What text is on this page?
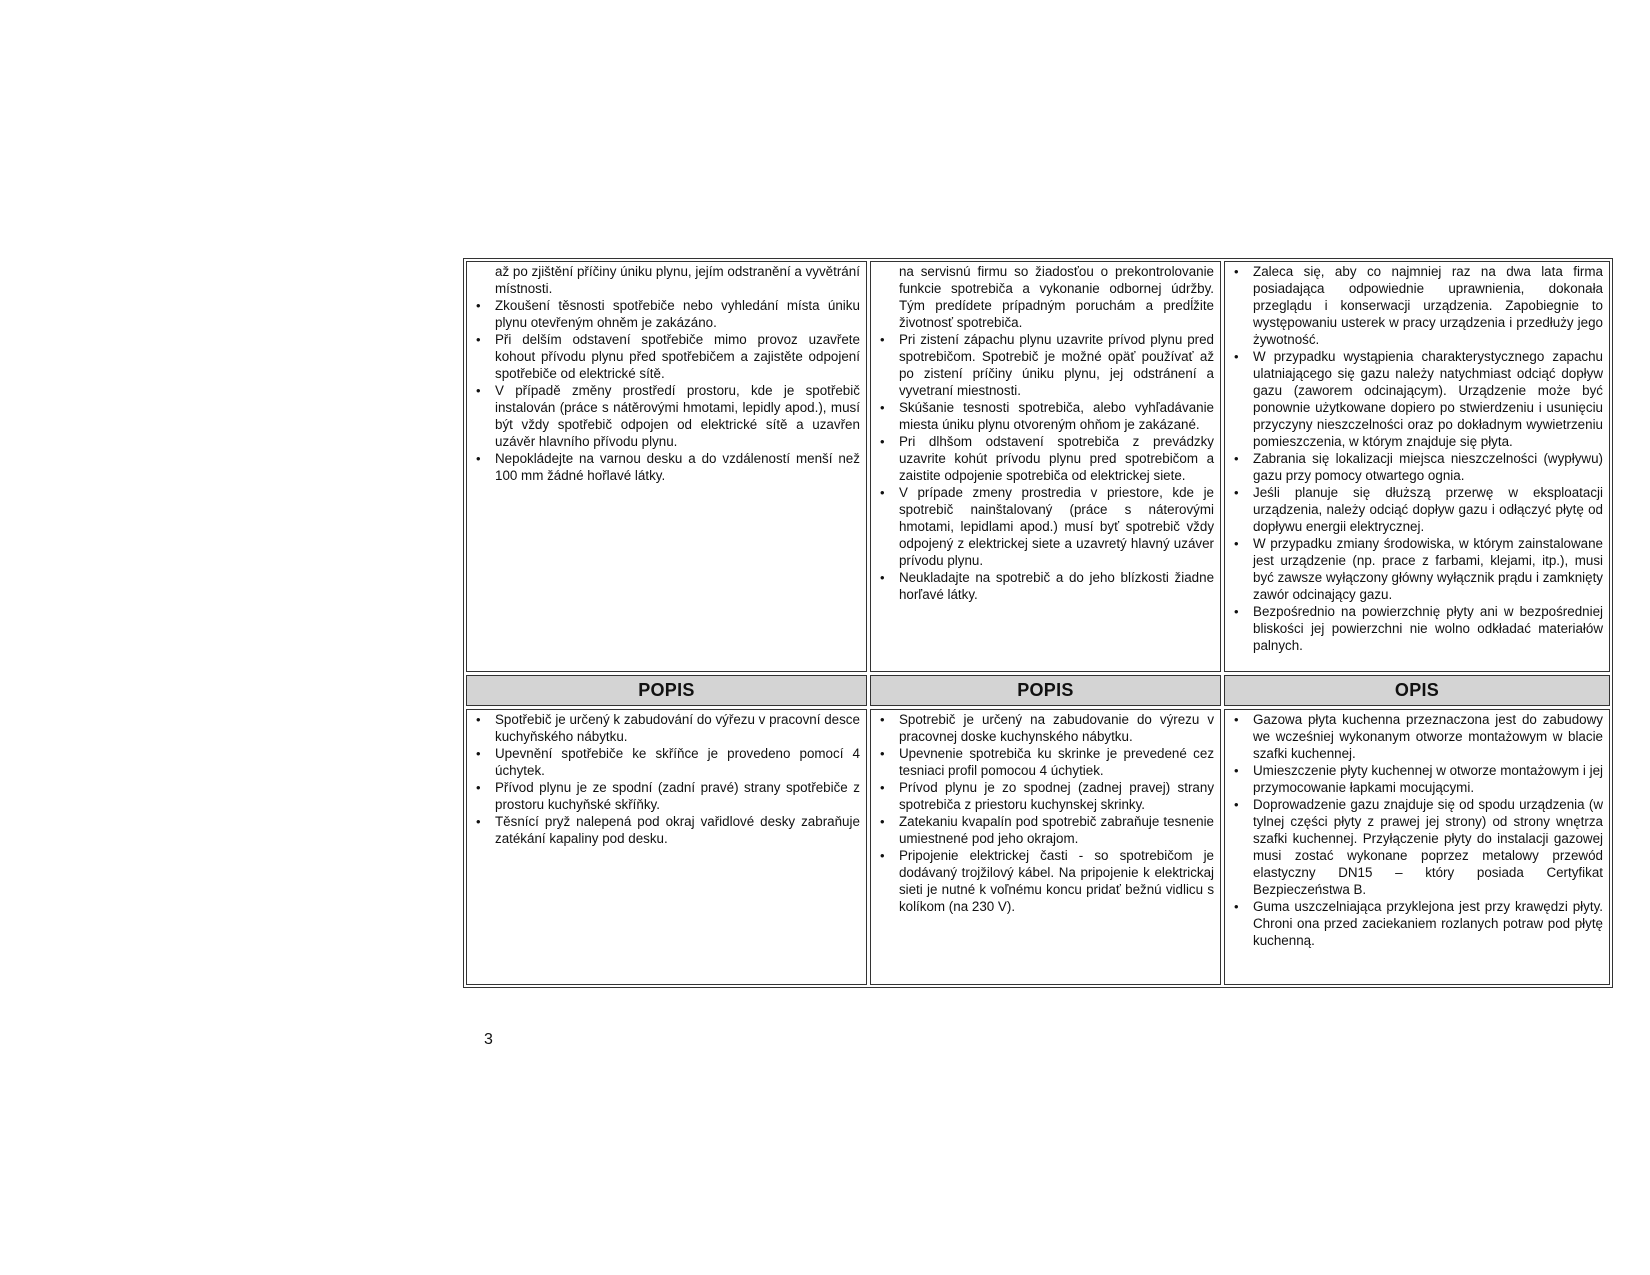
až po zjištění příčiny úniku plynu, jejím odstranění a vyvětrání místnosti.
• Zkoušení těsnosti spotřebiče nebo vyhledání místa úniku plynu otevřeným ohněm je zakázáno.
• Při delším odstavení spotřebiče mimo provoz uzavřete kohout přívodu plynu před spotřebičem a zajistěte odpojení spotřebiče od elektrické sítě.
• V případě změny prostředí prostoru, kde je spotřebič instalován (práce s nátěrovými hmotami, lepidly apod.), musí být vždy spotřebič odpojen od elektrické sítě a uzavřen uzávěr hlavního přívodu plynu.
• Nepokládejte na varnou desku a do vzdáleností menší než 100 mm žádné hořlavé látky.
na servisnú firmu so žiadosťou o prekontrolovanie funkcie spotrebiča a vykonanie odbornej údržby. Tým predídete prípadným poruchám a predĺžite životnosť spotrebiča.
• Pri zistení zápachu plynu uzavrite prívod plynu pred spotrebičom. Spotrebič je možné opäť používať až po zistení príčiny úniku plynu, jej odstránení a vyvetraní miestnosti.
• Skúšanie tesnosti spotrebiča, alebo vyhľadávanie miesta úniku plynu otvoreným ohňom je zakázané.
• Pri dlhšom odstavení spotrebiča z prevádzky uzavrite kohút prívodu plynu pred spotrebičom a zaistite odpojenie spotrebiča od elektrickej siete.
• V prípade zmeny prostredia v priestore, kde je spotrebič nainštalovaný (práce s náterovými hmotami, lepidlami apod.) musí byť spotrebič vždy odpojený z elektrickej siete a uzavretý hlavný uzáver prívodu plynu.
• Neukladajte na spotrebič a do jeho blízkosti žiadne horľavé látky.
• Zaleca się, aby co najmniej raz na dwa lata firma posiadająca odpowiednie uprawnienia, dokonała przeglądu i konserwacji urządzenia. Zapobiegnie to występowaniu usterek w pracy urządzenia i przedłuży jego żywotność.
• W przypadku wystąpienia charakterystycznego zapachu ulatniającego się gazu należy natychmiast odciąć dopływ gazu (zaworem odcinającym). Urządzenie może być ponownie użytkowane dopiero po stwierdzeniu i usunięciu przyczyny nieszczelności oraz po dokładnym wywietrzeniu pomieszczenia, w którym znajduje się płyta.
• Zabrania się lokalizacji miejsca nieszczelności (wypływu) gazu przy pomocy otwartego ognia.
• Jeśli planuje się dłuższą przerwę w eksploatacji urządzenia, należy odciąć dopływ gazu i odłączyć płytę od dopływu energii elektrycznej.
• W przypadku zmiany środowiska, w którym zainstalowane jest urządzenie (np. prace z farbami, klejami, itp.), musi być zawsze wyłączony główny wyłącznik prądu i zamknięty zawór odcinający gazu.
• Bezpośrednio na powierzchnię płyty ani w bezpośredniej bliskości jej powierzchni nie wolno odkładać materiałów palnych.
POPIS	POPIS	OPIS
• Spotřebič je určený k zabudování do výřezu v pracovní desce kuchyňského nábytku.
• Upevnění spotřebiče ke skříňce je provedeno pomocí 4 úchytek.
• Přívod plynu je ze spodní (zadní pravé) strany spotřebiče z prostoru kuchyňské skříňky.
• Těsnící pryž nalepená pod okraj vařidlové desky zabraňuje zatékání kapaliny pod desku.
• Spotrebič je určený na zabudovanie do výrezu v pracovnej doske kuchynského nábytku.
• Upevnenie spotrebiča ku skrinke je prevedené cez tesniaci profil pomocou 4 úchytiek.
• Prívod plynu je zo spodnej (zadnej pravej) strany spotrebiča z priestoru kuchynskej skrinky.
• Zatekaniu kvapalín pod spotrebič zabraňuje tesnenie umiestnené pod jeho okrajom.
• Pripojenie elektrickej časti - so spotrebičom je dodávaný trojžilový kábel. Na pripojenie k elektrickaj sieti je nutné k voľnému koncu pridať bežnú vidlicu s kolíkom (na 230 V).
• Gazowa płyta kuchenna przeznaczona jest do zabudowy we wcześniej wykonanym otworze montażowym w blacie szafki kuchennej.
• Umieszczenie płyty kuchennej w otworze montażowym i jej przymocowanie łapkami mocującymi.
• Doprowadzenie gazu znajduje się od spodu urządzenia (w tylnej części płyty z prawej jej strony) od strony wnętrza szafki kuchennej. Przyłączenie płyty do instalacji gazowej musi zostać wykonane poprzez metalowy przewód elastyczny DN15 – który posiada Certyfikat Bezpieczeństwa B.
• Guma uszczelniająca przyklejona jest przy krawędzi płyty. Chroni ona przed zaciekaniem rozlanych potraw pod płytę kuchenną.
3
